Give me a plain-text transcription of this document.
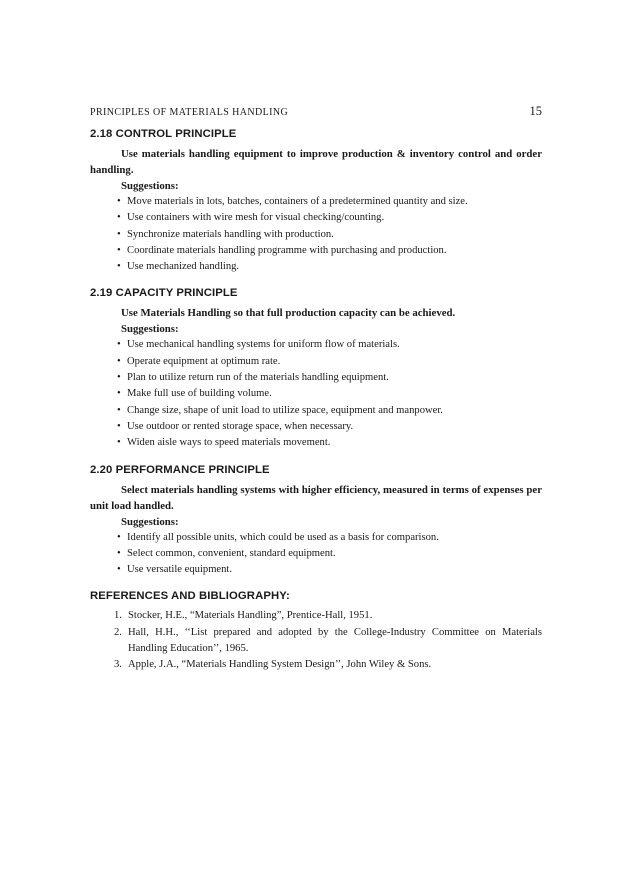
PRINCIPLES OF MATERIALS HANDLING	15
2.18 CONTROL PRINCIPLE

Use materials handling equipment to improve production & inventory control and order handling.

Suggestions:

• Move materials in lots, batches, containers of a predetermined quantity and size.
• Use containers with wire mesh for visual checking/counting.
• Synchronize materials handling with production.
• Coordinate materials handling programme with purchasing and production.
• Use mechanized handling.
2.19 CAPACITY PRINCIPLE

Use Materials Handling so that full production capacity can be achieved.

Suggestions:

• Use mechanical handling systems for uniform flow of materials.
• Operate equipment at optimum rate.
• Plan to utilize return run of the materials handling equipment.
• Make full use of building volume.
• Change size, shape of unit load to utilize space, equipment and manpower.
• Use outdoor or rented storage space, when necessary.
• Widen aisle ways to speed materials movement.
2.20 PERFORMANCE PRINCIPLE

Select materials handling systems with higher efficiency, measured in terms of expenses per unit load handled.

Suggestions:

• Identify all possible units, which could be used as a basis for comparison.
• Select common, convenient, standard equipment.
• Use versatile equipment.
REFERENCES AND BIBLIOGRAPHY:
1. Stocker, H.E., “Materials Handling”, Prentice-Hall, 1951.
2. Hall, H.H., ‘‘List prepared and adopted by the College-Industry Committee on Materials Handling Education’’, 1965.
3. Apple, J.A., “Materials Handling System Design’’, John Wiley & Sons.
